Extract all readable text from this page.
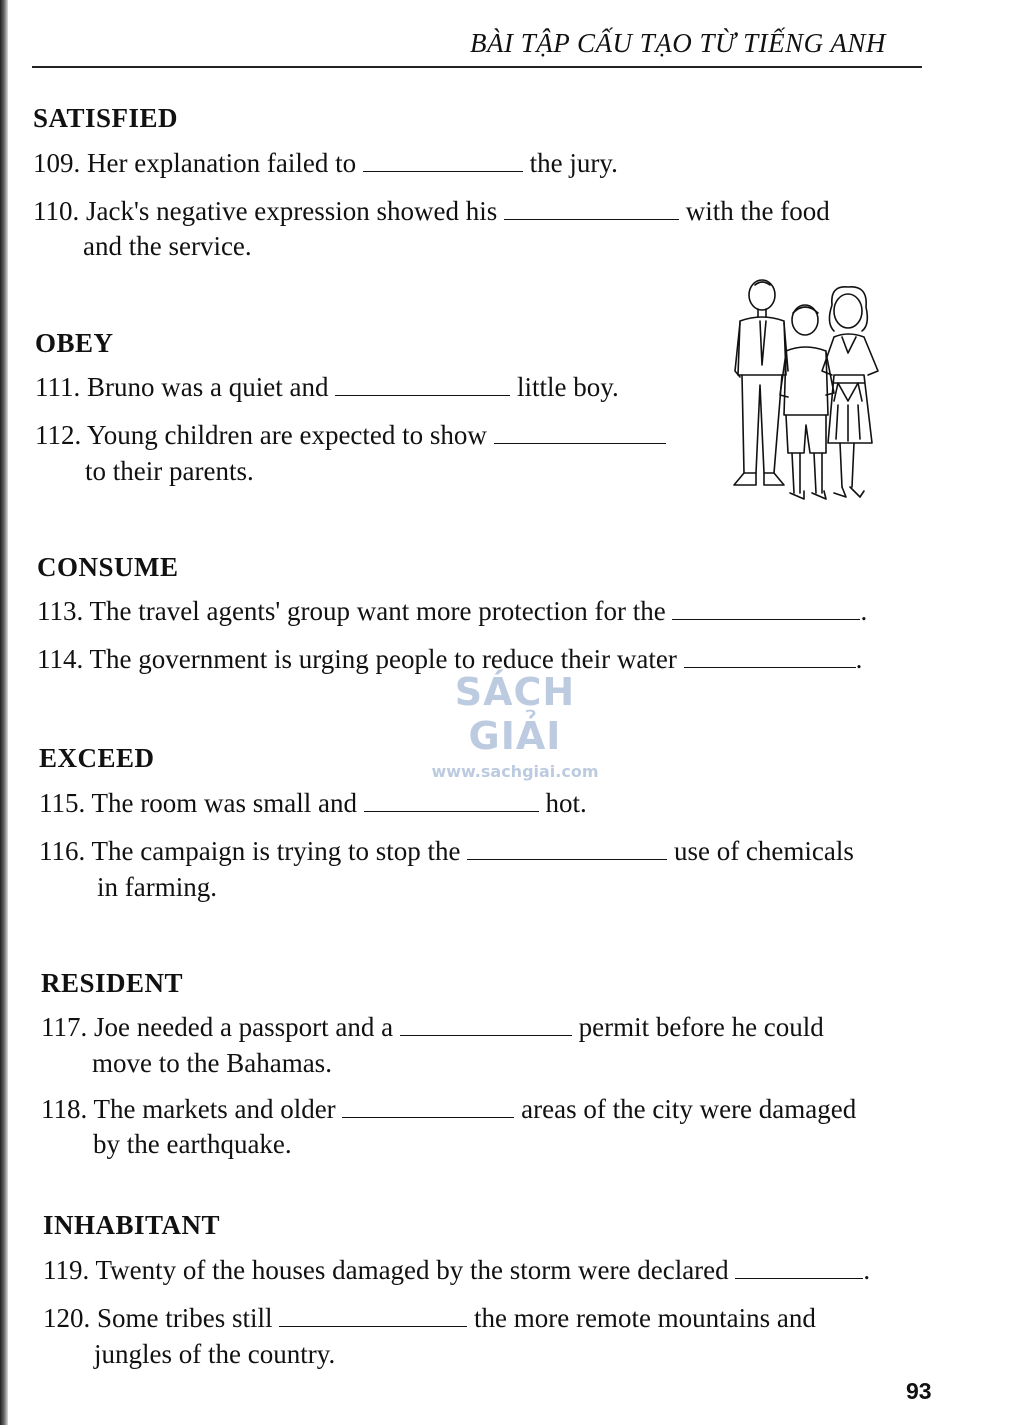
BÀI TẬP CẤU TẠO TỪ TIẾNG ANH
SATISFIED
109. Her explanation failed to	the jury.
110. Jack's negative expression showed his	with the food
and the service.
OBEY
111. Bruno was a quiet and	little boy.
112. Young children are expected to show
to their parents.
CONSUME
113. The travel agents' group want more protection for the	.
114. The government is urging people to reduce their water	.
SÁCH GIẢI
www.sachgiai.com
EXCEED
115. The room was small and	hot.
116. The campaign is trying to stop the	use of chemicals
in farming.
RESIDENT
117. Joe needed a passport and a	permit before he could
move to the Bahamas.
118. The markets and older	areas of the city were damaged
by the earthquake.
INHABITANT
119. Twenty of the houses damaged by the storm were declared	.
120. Some tribes still	the more remote mountains and
jungles of the country.
93
